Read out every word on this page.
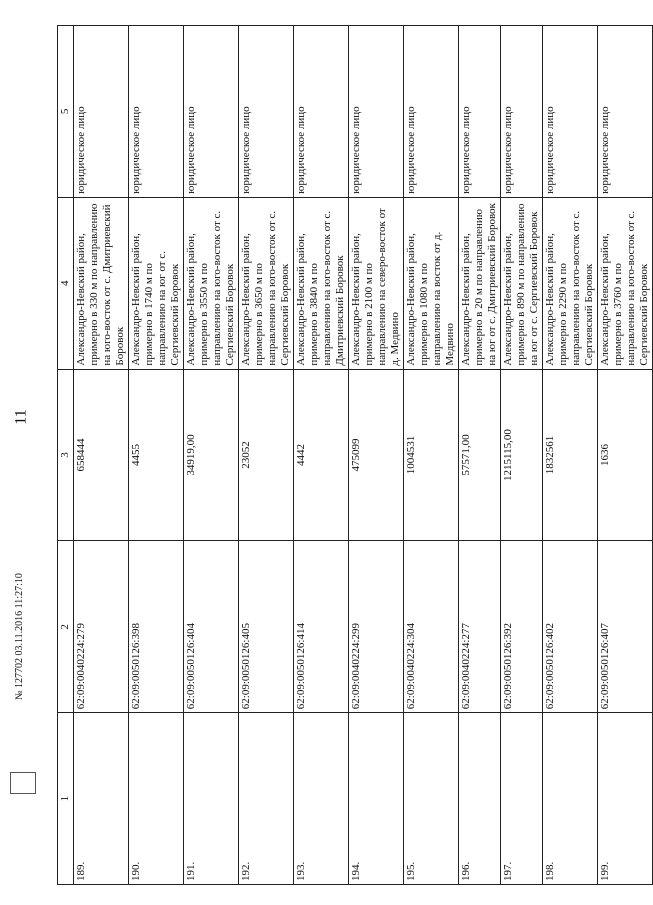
11
1	2	3	4	5
189.	62:09:0040224:279	658444	Александро-Невский район, примерно в 330 м по направлению на юго-восток от с. Дмитриевский Боровок	юридическое лицо
190.	62:09:0050126:398	4455	Александро-Невский район, примерно в 1740 м по направлению на юг от с. Сергиевский Боровок	юридическое лицо
191.	62:09:0050126:404	34919,00	Александро-Невский район, примерно в 3550 м по направлению на юго-восток от с. Сергиевский Боровок	юридическое лицо
192.	62:09:0050126:405	23052	Александро-Невский район, примерно в 3650 м по направлению на юго-восток от с. Сергиевский Боровок	юридическое лицо
193.	62:09:0050126:414	4442	Александро-Невский район, примерно в 3840 м по направлению на юго-восток от с. Дмитриевский Боровок	юридическое лицо
194.	62:09:0040224:299	475099	Александро-Невский район, примерно в 2100 м по направлению на северо-восток от д. Медвино	юридическое лицо
195.	62:09:0040224:304	1004531	Александро-Невский район, примерно в 1080 м по направлению на восток от д. Медвино	юридическое лицо
196.	62:09:0040224:277	57571,00	Александро-Невский район, примерно в 20 м по направлению на юг от с. Дмитриевский Боровок	юридическое лицо
197.	62:09:0050126:392	1215115,00	Александро-Невский район, примерно в 890 м по направлению на юг от с. Сергиевский Боровок	юридическое лицо
198.	62:09:0050126:402	1832561	Александро-Невский район, примерно в 2290 м по направлению на юго-восток от с. Сергиевский Боровок	юридическое лицо
199.	62:09:0050126:407	1636	Александро-Невский район, примерно в 3760 м по направлению на юго-восток от с. Сергиевский Боровок	юридическое лицо
№ 127702 03.11.2016 11:27:10
